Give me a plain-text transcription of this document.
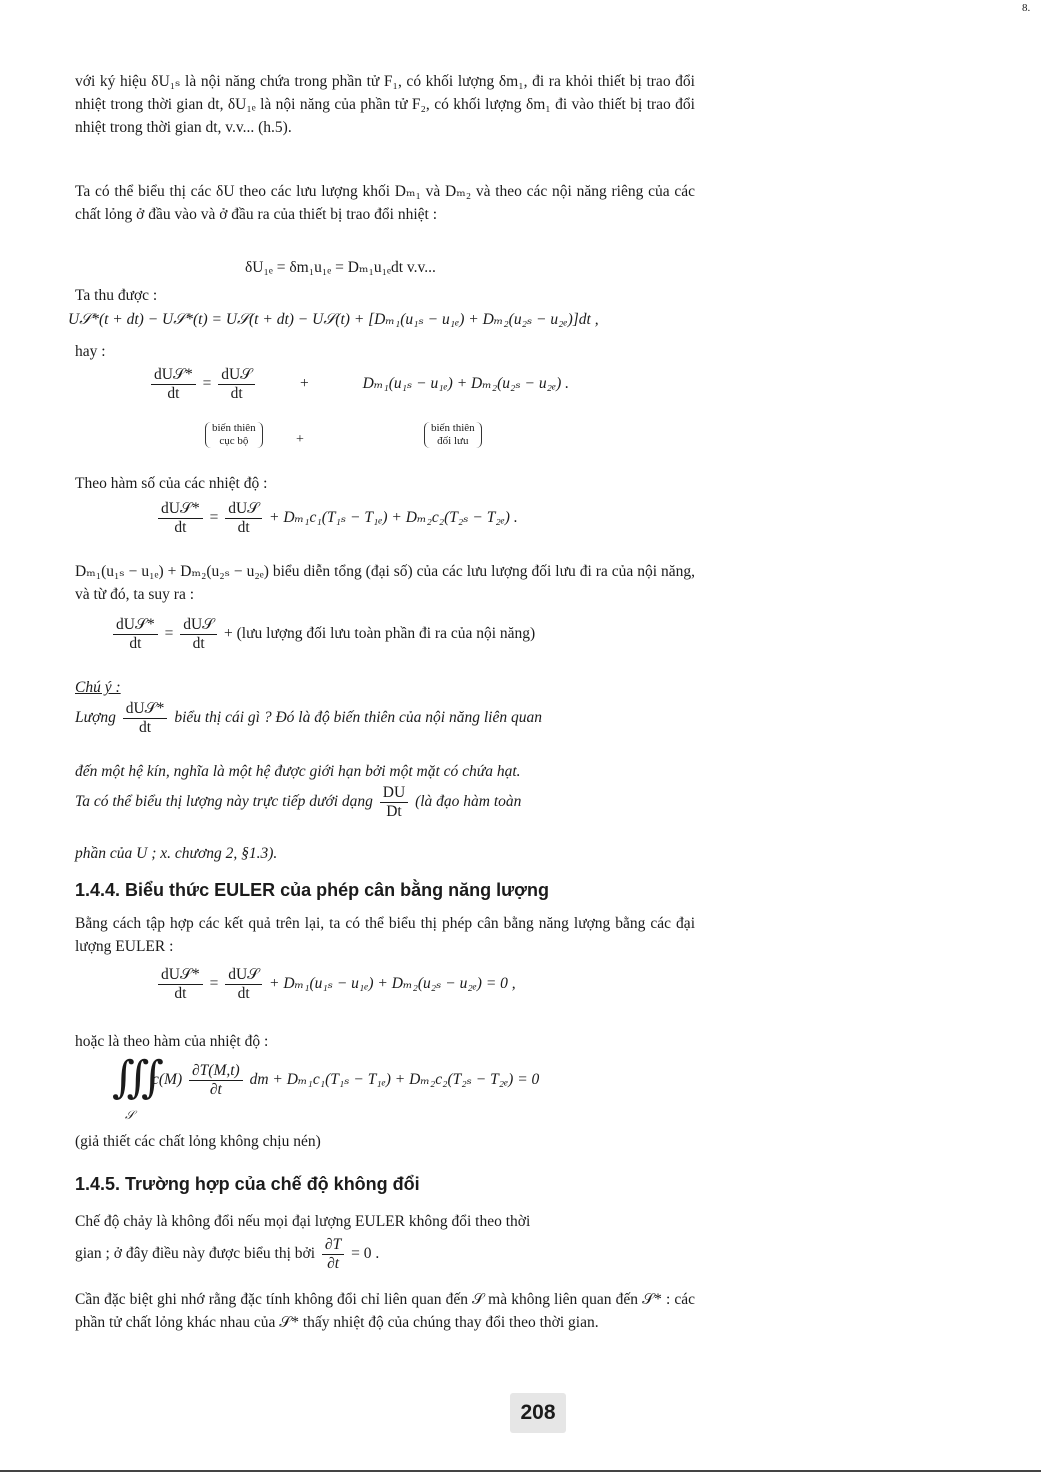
8.
với ký hiệu δU₁ₛ là nội năng chứa trong phần tử F₁, có khối lượng δm₁, đi ra khỏi thiết bị trao đổi nhiệt trong thời gian dt, δU₁ₑ là nội năng của phần tử F₂, có khối lượng δm₁ đi vào thiết bị trao đổi nhiệt trong thời gian dt, v.v... (h.5).
Ta có thể biểu thị các δU theo các lưu lượng khối Dₘ₁ và Dₘ₂ và theo các nội năng riêng của các chất lỏng ở đầu vào và ở đầu ra của thiết bị trao đổi nhiệt :
δU₁ₑ = δm₁u₁ₑ = Dₘ₁u₁ₑdt v.v...
Ta thu được :
U𝒮*(t + dt) − U𝒮*(t) = U𝒮(t + dt) − U𝒮(t) + [Dₘ₁(u₁ₛ − u₁ₑ) + Dₘ₂(u₂ₛ − u₂ₑ)]dt ,
hay :
$\frac{\text{dU𝒮*}}{dt} = \frac{\text{dU𝒮}}{dt}$	+	Dₘ₁(u₁ₛ − u₁ₑ) + Dₘ₂(u₂ₛ − u₂ₑ) .
biến thiên
cục bộ	+
biến thiên
đối lưu
Theo hàm số của các nhiệt độ :
$\frac{\text{dU𝒮*}}{dt} = \frac{\text{dU𝒮}}{dt} + D_{m1}c_1(T_{1s} - T_{1e}) + D_{m2}c_2(T_{2s} - T_{2e})$ .
Dₘ₁(u₁ₛ − u₁ₑ) + Dₘ₂(u₂ₛ − u₂ₑ) biểu diễn tổng (đại số) của các lưu lượng đối lưu đi ra của nội năng, và từ đó, ta suy ra :
$\frac{\text{dU𝒮*}}{dt} = \frac{\text{dU𝒮}}{dt}$ + (lưu lượng đối lưu toàn phần đi ra của nội năng)
Chú ý :
Lượng $\frac{\text{dU𝒮*}}{dt}$ biểu thị cái gì ? Đó là độ biến thiên của nội năng liên quan
đến một hệ kín, nghĩa là một hệ được giới hạn bởi một mặt có chứa hạt.
Ta có thể biểu thị lượng này trực tiếp dưới dạng $\frac{DU}{Dt}$ (là đạo hàm toàn
phần của U ; x. chương 2, §1.3).
1.4.4. Biểu thức EULER của phép cân bằng năng lượng
Bằng cách tập hợp các kết quả trên lại, ta có thể biểu thị phép cân bằng năng lượng bằng các đại lượng EULER :
$\frac{\text{dU𝒮*}}{dt} = \frac{\text{dU𝒮}}{dt} + D_{m1}(u_{1s} - u_{1e}) + D_{m2}(u_{2s} - u_{2e}) = 0$ ,
hoặc là theo hàm của nhiệt độ :
∭
𝒮
$c(M) \frac{\partial T(M,t)}{\partial t}$ dm + Dₘ₁c₁(T₁ₛ − T₁ₑ) + Dₘ₂c₂(T₂ₛ − T₂ₑ) = 0
(giả thiết các chất lỏng không chịu nén)
1.4.5. Trường hợp của chế độ không đổi
Chế độ chảy là không đổi nếu mọi đại lượng EULER không đổi theo thời
gian ; ở đây điều này được biểu thị bởi $\frac{\partial T}{\partial t} = 0$ .
Cần đặc biệt ghi nhớ rằng đặc tính không đổi chỉ liên quan đến 𝒮 mà không liên quan đến 𝒮* : các phần tử chất lỏng khác nhau của 𝒮* thấy nhiệt độ của chúng thay đổi theo thời gian.
208
